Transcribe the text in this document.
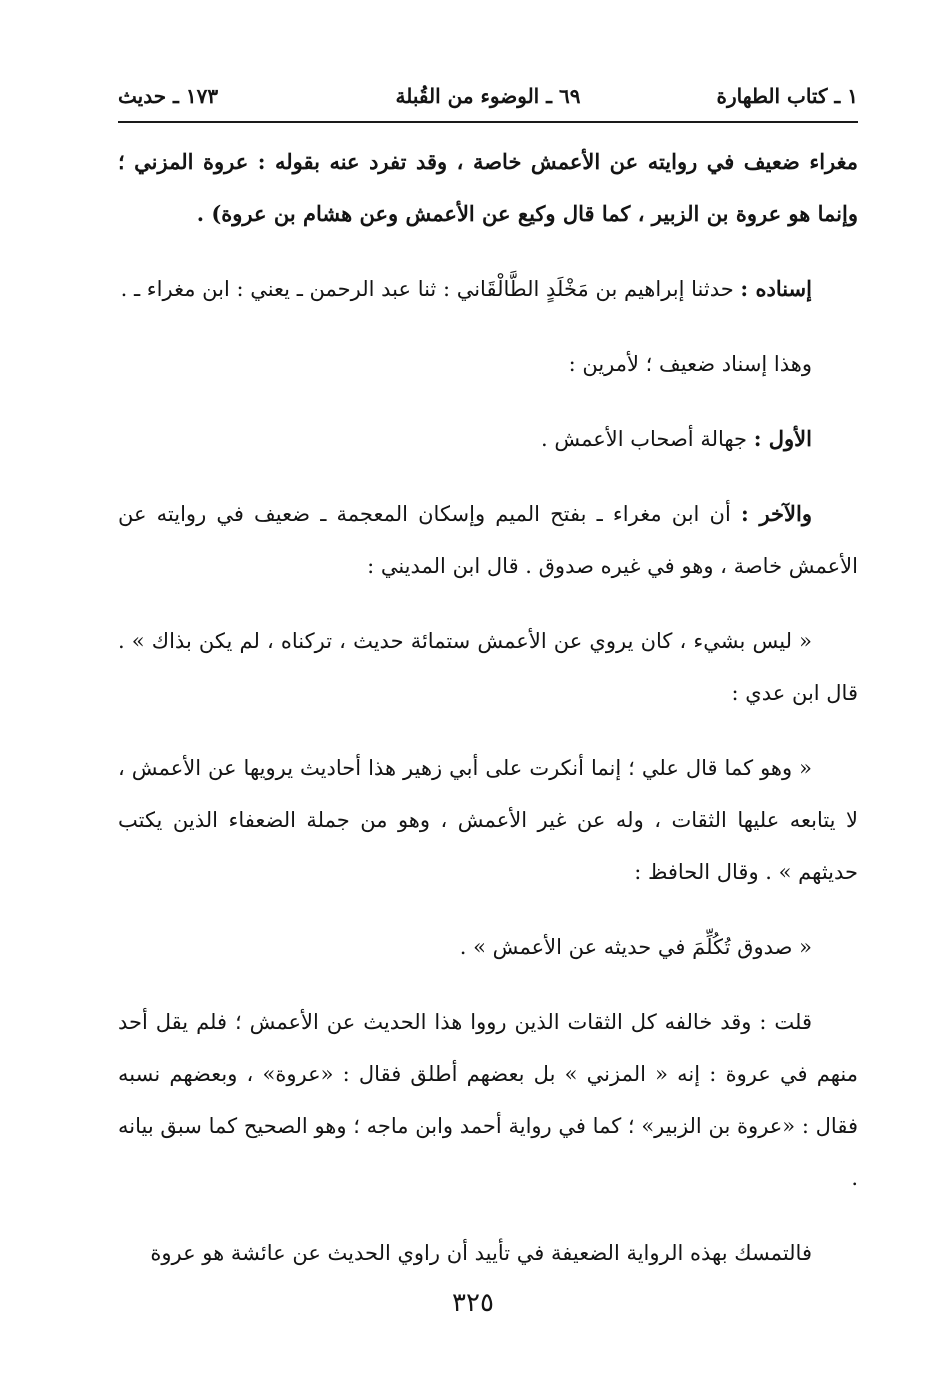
١ ـ كتاب الطهارة
٦٩ ـ الوضوء من القُبلة
١٧٣ ـ حديث

مغراء ضعيف في روايته عن الأعمش خاصة ، وقد تفرد عنه بقوله : عروة المزني ؛ وإنما هو عروة بن الزبير ، كما قال وكيع عن الأعمش وعن هشام بن عروة) .

إسناده : حدثنا إبراهيم بن مَخْلَدٍ الطَّالْقَاني : ثنا عبد الرحمن ـ يعني : ابن مغراء ـ .

وهذا إسناد ضعيف ؛ لأمرين :

الأول : جهالة أصحاب الأعمش .

والآخر : أن ابن مغراء ـ بفتح الميم وإسكان المعجمة ـ ضعيف في روايته عن الأعمش خاصة ، وهو في غيره صدوق . قال ابن المديني :

« ليس بشيء ، كان يروي عن الأعمش ستمائة حديث ، تركناه ، لم يكن بذاك » . قال ابن عدي :

« وهو كما قال علي ؛ إنما أنكرت على أبي زهير هذا أحاديث يرويها عن الأعمش ، لا يتابعه عليها الثقات ، وله عن غير الأعمش ، وهو من جملة الضعفاء الذين يكتب حديثهم » . وقال الحافظ :

« صدوق تُكُلِّمَ في حديثه عن الأعمش » .

قلت : وقد خالفه كل الثقات الذين رووا هذا الحديث عن الأعمش ؛ فلم يقل أحد منهم في عروة : إنه « المزني » بل بعضهم أطلق فقال : «عروة» ، وبعضهم نسبه فقال : «عروة بن الزبير» ؛ كما في رواية أحمد وابن ماجه ؛ وهو الصحيح كما سبق بيانه .

فالتمسك بهذه الرواية الضعيفة في تأييد أن راوي الحديث عن عائشة هو عروة

٣٢٥
